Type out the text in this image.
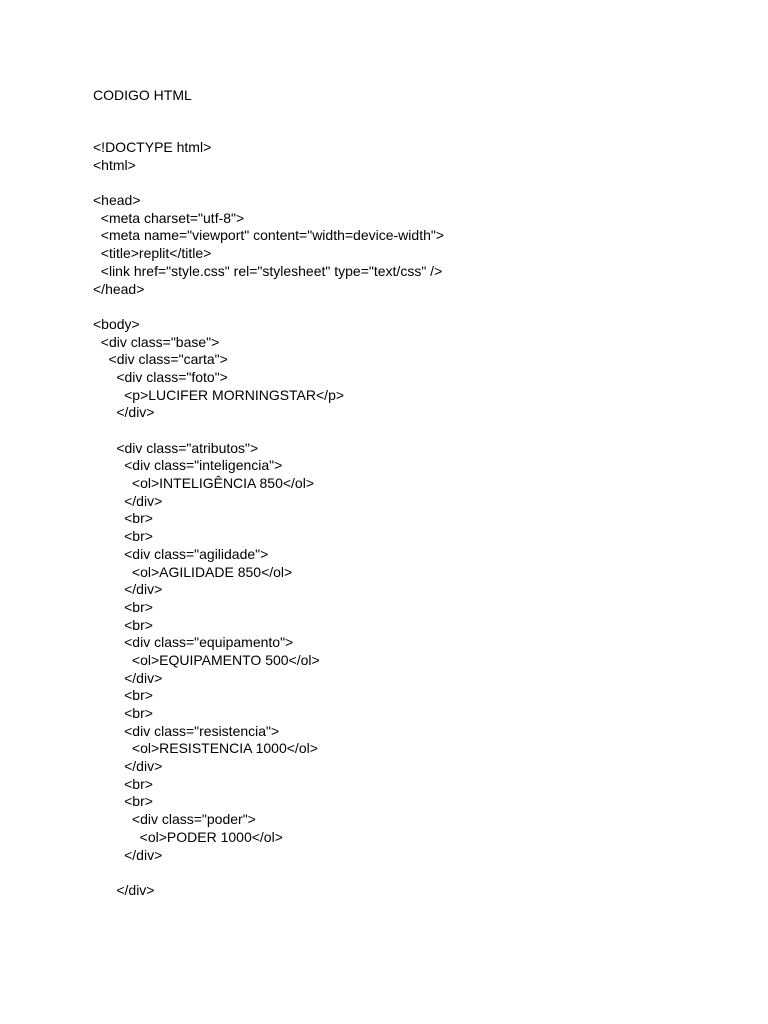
CODIGO HTML
<!DOCTYPE html>
<html>
<head>
<meta charset="utf-8">
<meta name="viewport" content="width=device-width">
<title>replit</title>
<link href="style.css" rel="stylesheet" type="text/css" />
</head>
<body>
<div class="base">
<div class="carta">
<div class="foto">
<p>LUCIFER MORNINGSTAR</p>
</div>
<div class="atributos">
<div class="inteligencia">
<ol>INTELIGÊNCIA 850</ol>
</div>
<br>
<br>
<div class="agilidade">
<ol>AGILIDADE 850</ol>
</div>
<br>
<br>
<div class="equipamento">
<ol>EQUIPAMENTO 500</ol>
</div>
<br>
<br>
<div class="resistencia">
<ol>RESISTENCIA 1000</ol>
</div>
<br>
<br>
<div class="poder">
<ol>PODER 1000</ol>
</div>
</div>
